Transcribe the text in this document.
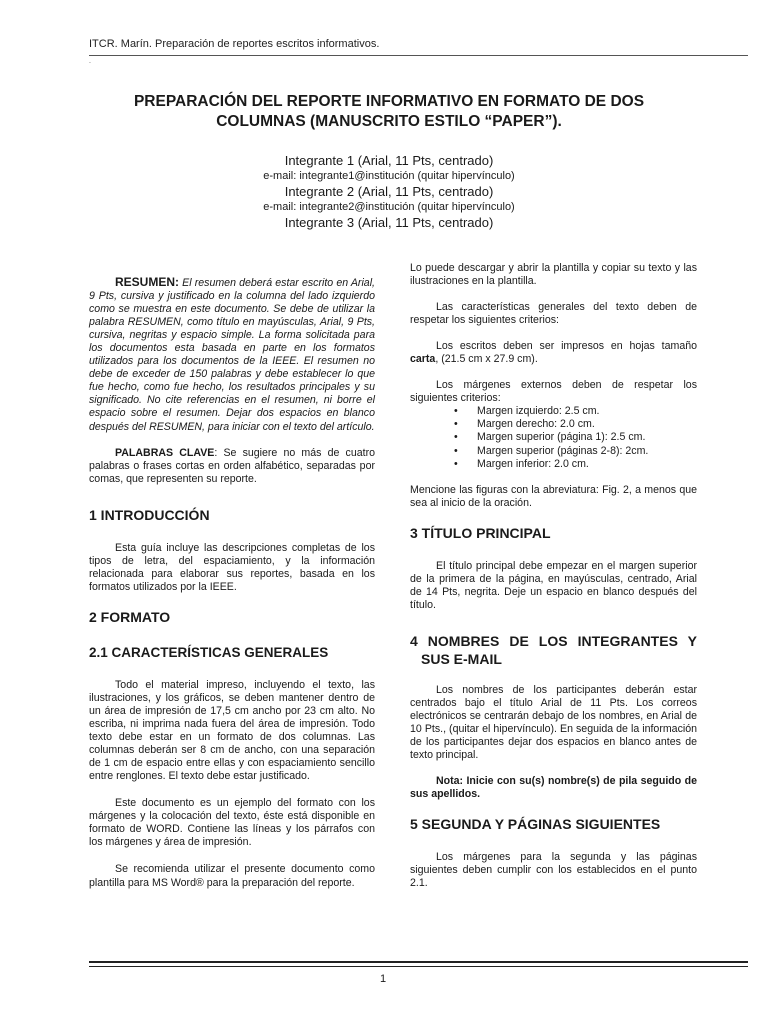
ITCR. Marín. Preparación de reportes escritos informativos.
.
PREPARACIÓN DEL REPORTE INFORMATIVO EN FORMATO DE DOS
COLUMNAS (MANUSCRITO ESTILO “PAPER”).
Integrante 1 (Arial, 11 Pts, centrado)
e-mail: integrante1@institución (quitar hipervínculo)
Integrante 2 (Arial, 11 Pts, centrado)
e-mail: integrante2@institución (quitar hipervínculo)
Integrante 3 (Arial, 11 Pts, centrado)

RESUMEN: El resumen deberá estar escrito en Arial, 9 Pts, cursiva y justificado en la columna del lado izquierdo como se muestra en este documento. Se debe de utilizar la palabra RESUMEN, como título en mayúsculas, Arial, 9 Pts, cursiva, negritas y espacio simple. La forma solicitada para los documentos esta basada en parte en los formatos utilizados para los documentos de la IEEE. El resumen no debe de exceder de 150 palabras y debe establecer lo que fue hecho, como fue hecho, los resultados principales y su significado. No cite referencias en el resumen, ni borre el espacio sobre el resumen. Dejar dos espacios en blanco después del RESUMEN, para iniciar con el texto del artículo.

PALABRAS CLAVE: Se sugiere no más de cuatro palabras o frases cortas en orden alfabético, separadas por comas, que representen su reporte.

1 INTRODUCCIÓN

Esta guía incluye las descripciones completas de los tipos de letra, del espaciamiento, y la información relacionada para elaborar sus reportes, basada en los formatos utilizados por la IEEE.

2 FORMATO
2.1 CARACTERÍSTICAS GENERALES

Todo el material impreso, incluyendo el texto, las ilustraciones, y los gráficos, se deben mantener dentro de un área de impresión de 17,5 cm ancho por 23 cm alto. No escriba, ni imprima nada fuera del área de impresión. Todo texto debe estar en un formato de dos columnas. Las columnas deberán ser 8 cm de ancho, con una separación de 1 cm de espacio entre ellas y con espaciamiento sencillo entre renglones. El texto debe estar justificado.

Este documento es un ejemplo del formato con los márgenes y la colocación del texto, éste está disponible en formato de WORD. Contiene las líneas y los párrafos con los márgenes y área de impresión.

Se recomienda utilizar el presente documento como plantilla para MS Word® para la preparación del reporte.

Lo puede descargar y abrir la plantilla y copiar su texto y las ilustraciones en la plantilla.

Las características generales del texto deben de respetar los siguientes criterios:

Los escritos deben ser impresos en hojas tamaño carta, (21.5 cm x 27.9 cm).

Los márgenes externos deben de respetar los siguientes criterios:

• Margen izquierdo: 2.5 cm.
• Margen derecho: 2.0 cm.
• Margen superior (página 1): 2.5 cm.
• Margen superior (páginas 2-8): 2cm.
• Margen inferior: 2.0 cm.

Mencione las figuras con la abreviatura: Fig. 2, a menos que sea al inicio de la oración.

3 TÍTULO PRINCIPAL

El título principal debe empezar en el margen superior de la primera de la página, en mayúsculas, centrado, Arial de 14 Pts, negrita. Deje un espacio en blanco después del título.

4 NOMBRES DE LOS INTEGRANTES Y SUS E-MAIL

Los nombres de los participantes deberán estar centrados bajo el título Arial de 11 Pts. Los correos electrónicos se centrarán debajo de los nombres, en Arial de 10 Pts., (quitar el hipervínculo). En seguida de la información de los participantes dejar dos espacios en blanco antes de texto principal.

Nota: Inicie con su(s) nombre(s) de pila seguido de sus apellidos.

5 SEGUNDA Y PÁGINAS SIGUIENTES

Los márgenes para la segunda y las páginas siguientes deben cumplir con los establecidos en el punto 2.1.

1
